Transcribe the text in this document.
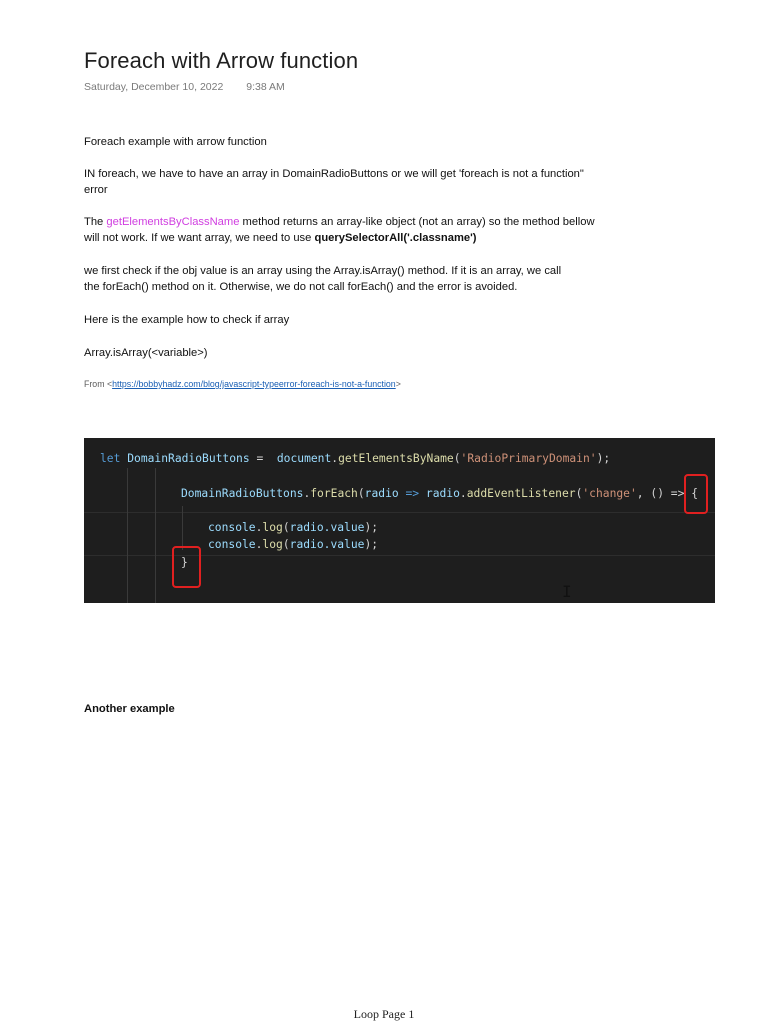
Foreach with Arrow function
Saturday, December 10, 2022 9:38 AM
Foreach example with arrow function
IN foreach, we have to have an array in DomainRadioButtons or we will get 'foreach is not a function"
error
The getElementsByClassName method returns an array-like object (not an array) so the method bellow
will not work. If we want array, we need to use querySelectorAll('.classname')
we first check if the obj value is an array using the Array.isArray() method. If it is an array, we call
the forEach() method on it. Otherwise, we do not call forEach() and the error is avoided.
Here is the example how to check if array
Array.isArray(<variable>)
From <https://bobbyhadz.com/blog/javascript-typeerror-foreach-is-not-a-function>
let DomainRadioButtons =  document.getElementsByName('RadioPrimaryDomain');
DomainRadioButtons.forEach(radio => radio.addEventListener('change', () => {
console.log(radio.value);
console.log(radio.value);
}
I
Another example
Loop Page 1
